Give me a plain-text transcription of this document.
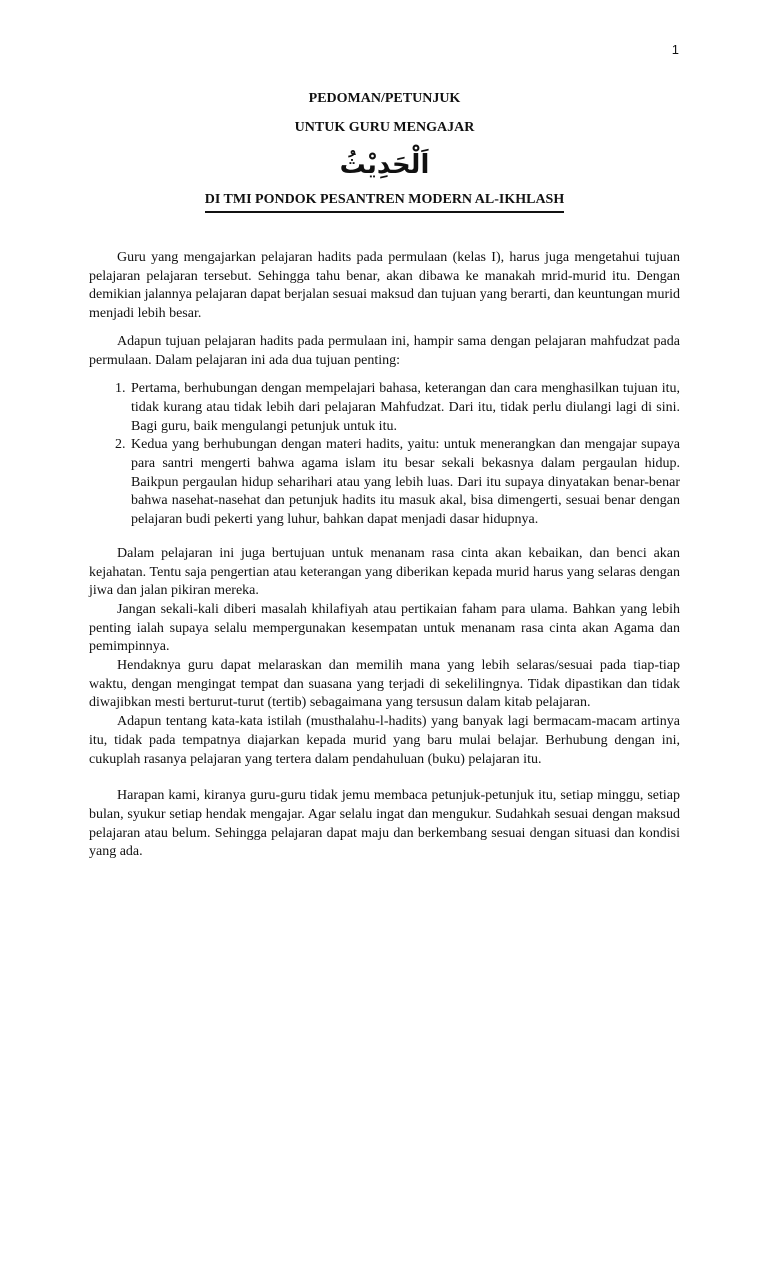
1
PEDOMAN/PETUNJUK
UNTUK GURU MENGAJAR
اَلْحَدِيْثُ
DI TMI PONDOK PESANTREN MODERN AL-IKHLASH

Guru yang mengajarkan pelajaran hadits pada permulaan (kelas I), harus juga mengetahui tujuan pelajaran pelajaran tersebut. Sehingga tahu benar, akan dibawa ke manakah mrid-murid itu. Dengan demikian jalannya pelajaran dapat berjalan sesuai maksud dan tujuan yang berarti, dan keuntungan murid menjadi lebih besar.

Adapun tujuan pelajaran hadits pada permulaan ini, hampir sama dengan pelajaran mahfudzat pada permulaan. Dalam pelajaran ini ada dua tujuan penting:

1. Pertama, berhubungan dengan mempelajari bahasa, keterangan dan cara menghasilkan tujuan itu, tidak kurang atau tidak lebih dari pelajaran Mahfudzat. Dari itu, tidak perlu diulangi lagi di sini. Bagi guru, baik mengulangi petunjuk untuk itu.
2. Kedua yang berhubungan dengan materi hadits, yaitu: untuk menerangkan dan mengajar supaya para santri mengerti bahwa agama islam itu besar sekali bekasnya dalam pergaulan hidup. Baikpun pergaulan hidup seharihari atau yang lebih luas. Dari itu supaya dinyatakan benar-benar bahwa nasehat-nasehat dan petunjuk hadits itu masuk akal, bisa dimengerti, sesuai benar dengan pelajaran budi pekerti yang luhur, bahkan dapat menjadi dasar hidupnya.

Dalam pelajaran ini juga bertujuan untuk menanam rasa cinta akan kebaikan, dan benci akan kejahatan. Tentu saja pengertian atau keterangan yang diberikan kepada murid harus yang selaras dengan jiwa dan jalan pikiran mereka.

Jangan sekali-kali diberi masalah khilafiyah atau pertikaian faham para ulama. Bahkan yang lebih penting ialah supaya selalu mempergunakan kesempatan untuk menanam rasa cinta akan Agama dan pemimpinnya.

Hendaknya guru dapat melaraskan dan memilih mana yang lebih selaras/sesuai pada tiap-tiap waktu, dengan mengingat tempat dan suasana yang terjadi di sekelilingnya. Tidak dipastikan dan tidak diwajibkan mesti berturut-turut (tertib) sebagaimana yang tersusun dalam kitab pelajaran.

Adapun tentang kata-kata istilah (musthalahu-l-hadits) yang banyak lagi bermacam-macam artinya itu, tidak pada tempatnya diajarkan kepada murid yang baru mulai belajar. Berhubung dengan ini, cukuplah rasanya pelajaran yang tertera dalam pendahuluan (buku) pelajaran itu.

Harapan kami, kiranya guru-guru tidak jemu membaca petunjuk-petunjuk itu, setiap minggu, setiap bulan, syukur setiap hendak mengajar. Agar selalu ingat dan mengukur. Sudahkah sesuai dengan maksud pelajaran atau belum. Sehingga pelajaran dapat maju dan berkembang sesuai dengan situasi dan kondisi yang ada.
